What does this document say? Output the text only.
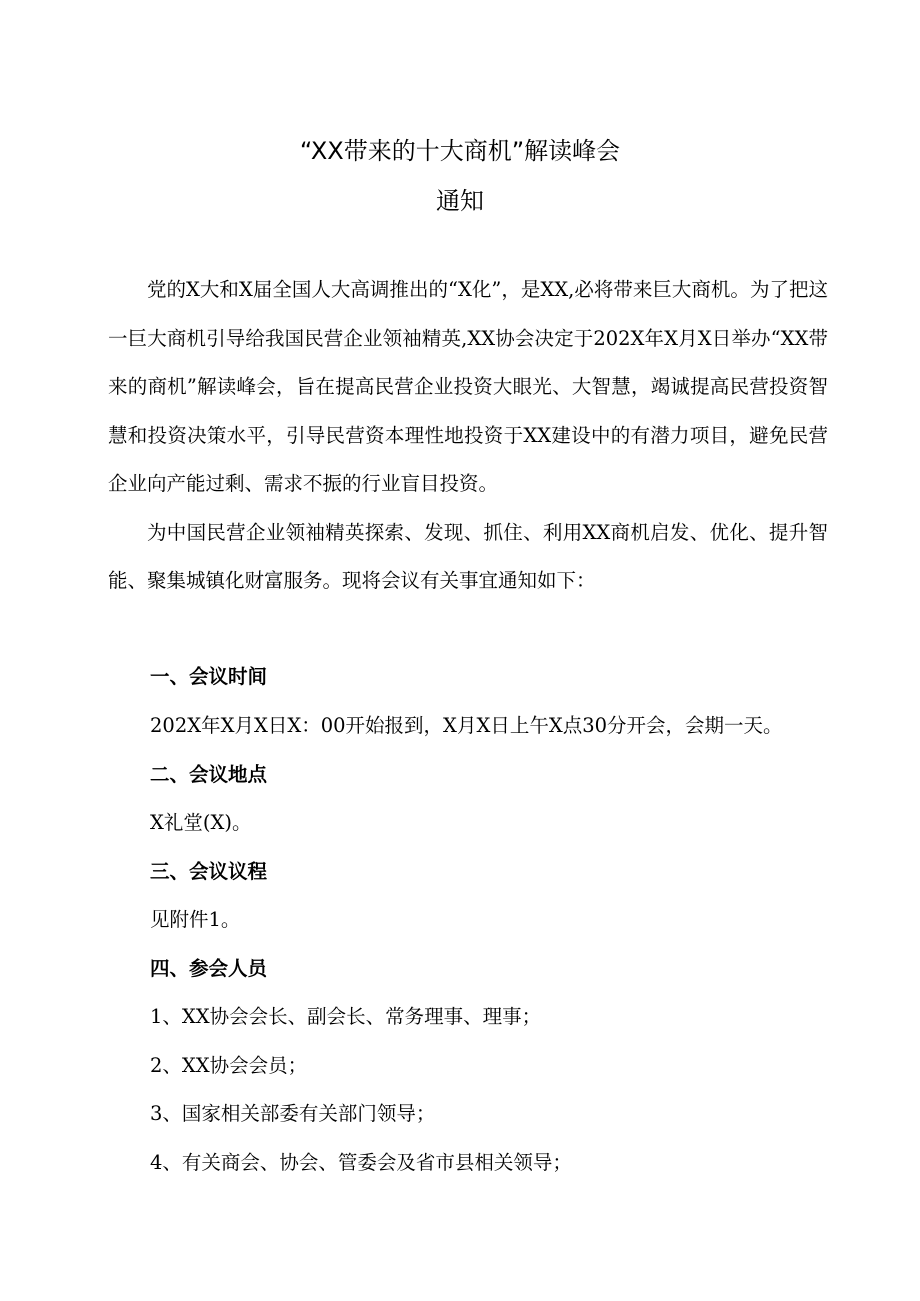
“XX带来的十大商机”解读峰会
通知

党的X大和X届全国人大高调推出的“X化”，是XX,必将带来巨大商机。为了把这一巨大商机引导给我国民营企业领袖精英,XX协会决定于202X年X月X日举办“XX带来的商机”解读峰会，旨在提高民营企业投资大眼光、大智慧，竭诚提高民营投资智慧和投资决策水平，引导民营资本理性地投资于XX建设中的有潜力项目，避免民营企业向产能过剩、需求不振的行业盲目投资。

为中国民营企业领袖精英探索、发现、抓住、利用XX商机启发、优化、提升智能、聚集城镇化财富服务。现将会议有关事宜通知如下：

一、会议时间
202X年X月X日X：00开始报到，X月X日上午X点30分开会，会期一天。
二、会议地点
X礼堂(X)。
三、会议议程
见附件1。
四、参会人员
1、XX协会会长、副会长、常务理事、理事；
2、XX协会会员；
3、国家相关部委有关部门领导；
4、有关商会、协会、管委会及省市县相关领导；
